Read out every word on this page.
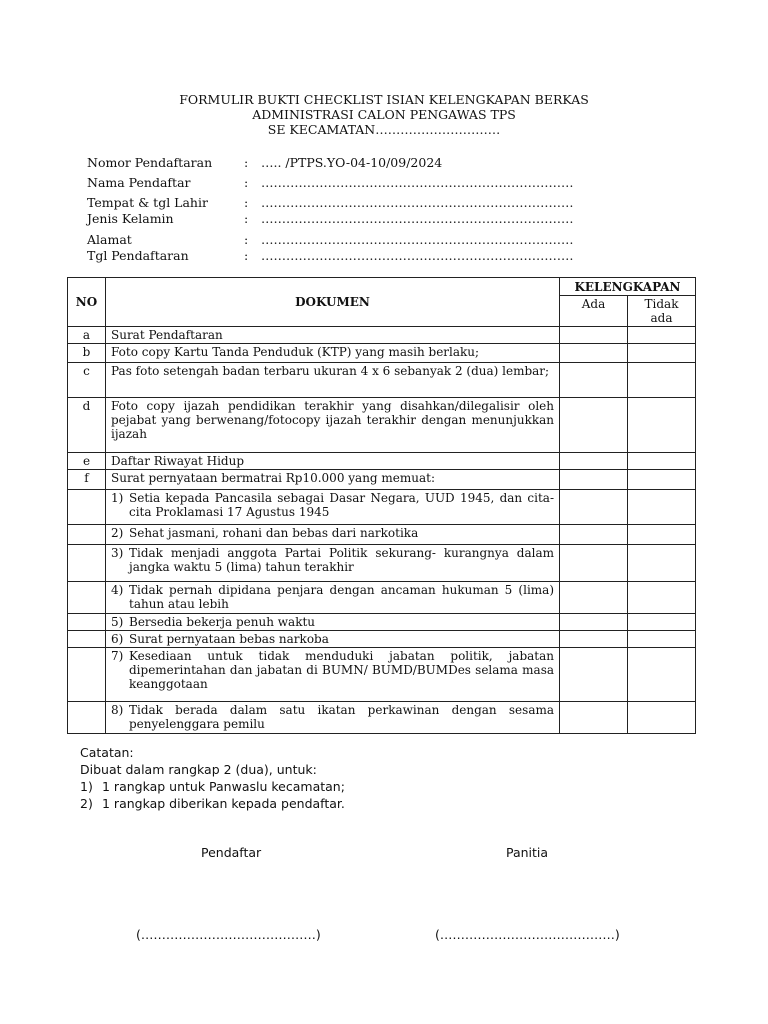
FORMULIR BUKTI CHECKLIST ISIAN KELENGKAPAN BERKAS
ADMINISTRASI CALON PENGAWAS TPS
SE KECAMATAN…………………………
Nomor Pendaftaran	: ….. /PTPS.YO-04-10/09/2024
Nama Pendaftar	: …………………………………………………………………
Tempat & tgl Lahir	: …………………………………………………………………
Jenis Kelamin	: …………………………………………………………………
Alamat	: …………………………………………………………………
Tgl Pendaftaran	: …………………………………………………………………
NO	DOKUMEN	KELENGKAPAN	
		Ada	Tidak ada
a	Surat Pendaftaran		
b	Foto copy Kartu Tanda Penduduk (KTP) yang masih berlaku;		
c	Pas foto setengah badan terbaru ukuran 4 x 6 sebanyak 2 (dua) lembar;		
d	Foto copy ijazah pendidikan terakhir yang disahkan/dilegalisir oleh pejabat yang berwenang/fotocopy ijazah terakhir dengan menunjukkan ijazah		
e	Daftar Riwayat Hidup		
f	Surat pernyataan bermatrai Rp10.000 yang memuat:		

	1) Setia kepada Pancasila sebagai Dasar Negara, UUD 1945, dan cita-cita Proklamasi 17 Agustus 1945		

	2) Sehat jasmani, rohani dan bebas dari narkotika		

	3) Tidak menjadi anggota Partai Politik sekurang- kurangnya dalam jangka waktu 5 (lima) tahun terakhir		

	4) Tidak pernah dipidana penjara dengan ancaman hukuman 5 (lima) tahun atau lebih		

	5) Bersedia bekerja penuh waktu		

	6) Surat pernyataan bebas narkoba		

	7) Kesediaan untuk tidak menduduki jabatan politik, jabatan dipemerintahan dan jabatan di BUMN/ BUMD/BUMDes selama masa keanggotaan		

	8) Tidak berada dalam satu ikatan perkawinan dengan sesama penyelenggara pemilu		

Catatan:
Dibuat dalam rangkap 2 (dua), untuk:
1) 1 rangkap untuk Panwaslu kecamatan;
2) 1 rangkap diberikan kepada pendaftar.
Pendaftar	Panitia
(……………………………………)	(……………………………………)
